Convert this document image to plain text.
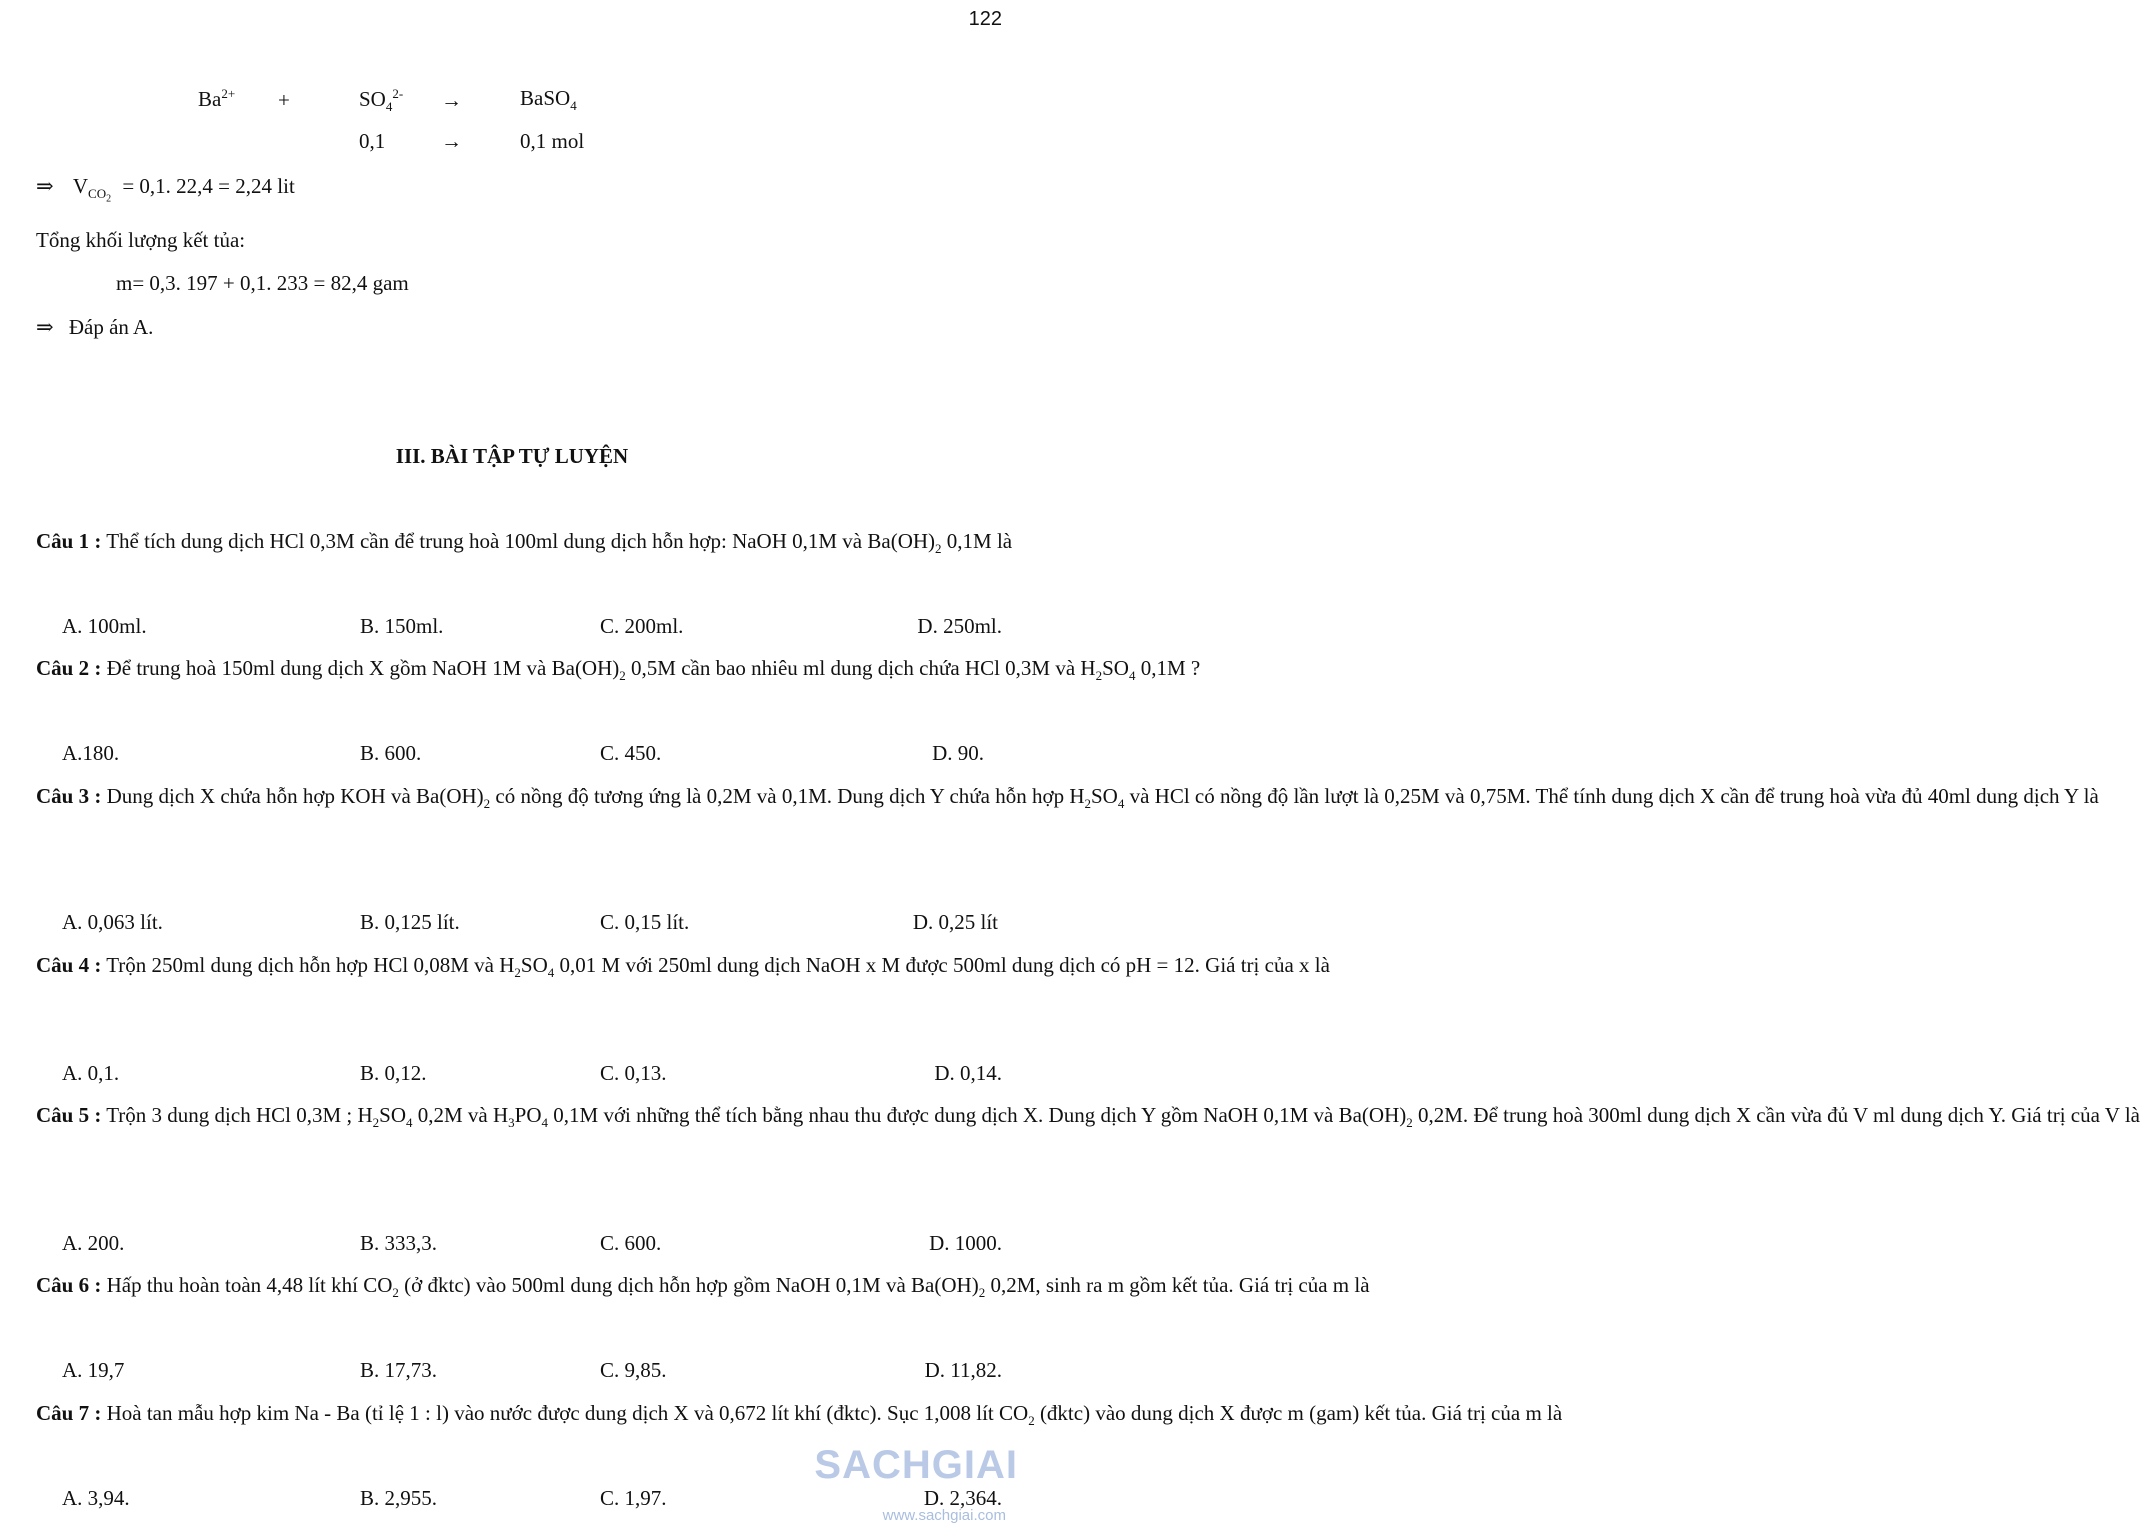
122
$Ba^{2+}$ +	$SO_4^{2-}$ →	BaSO$_4$
0,1	→	0,1 mol
⇒ $V_{CO_2} = 0,1$. 22,4 = 2,24 lit
Tổng khối lượng kết tủa:
m= 0,3. 197 + 0,1. 233 = 82,4 gam
⇒ Đáp án A.
III. BÀI TẬP TỰ LUYỆN
Câu 1 : Thể tích dung dịch HCl 0,3M cần để trung hoà 100ml dung dịch hỗn hợp: NaOH 0,1M và $Ba(OH)_2$ 0,1M là
A. 100ml.	B. 150ml.	C. 200ml.	D. 250ml.
Câu 2 : Để trung hoà 150ml dung dịch X gồm NaOH 1M và $Ba(OH)_2$ 0,5M cần bao nhiêu ml dung dịch chứa HCl 0,3M và $H_2SO_4$ 0,1M ?
A.180.	B. 600.	C. 450.	D. 90.
Câu 3 : Dung dịch X chứa hỗn hợp KOH và $Ba(OH)_2$ có nồng độ tương ứng là 0,2M và 0,1M. Dung dịch Y chứa hỗn hợp $H_2SO_4$ và HCl có nồng độ lần lượt là 0,25M và 0,75M. Thể tính dung dịch X cần để trung hoà vừa đủ 40ml dung dịch Y là
A. 0,063 lít.	B. 0,125 lít.	C. 0,15 lít.	D. 0,25 lít
Câu 4 : Trộn 250ml dung dịch hỗn hợp HCl 0,08M và $H_2SO_4$ 0,01 M với 250ml dung dịch NaOH x M được 500ml dung dịch có pH = 12. Giá trị của x là
A. 0,1.	B. 0,12.	C. 0,13.	D. 0,14.
Câu 5 : Trộn 3 dung dịch HCl 0,3M ; $H_2SO_4$ 0,2M và $H_3PO_4$ 0,1M với những thể tích bằng nhau thu được dung dịch X. Dung dịch Y gồm NaOH 0,1M và $Ba(OH)_2$ 0,2M. Để trung hoà 300ml dung dịch X cần vừa đủ V ml dung dịch Y. Giá trị của V là
A. 200.	B. 333,3.	C. 600.	D. 1000.
Câu 6 : Hấp thu hoàn toàn 4,48 lít khí $CO_2$ (ở đktc) vào 500ml dung dịch hỗn hợp gồm NaOH 0,1M và $Ba(OH)_2$ 0,2M, sinh ra m gồm kết tủa. Giá trị của m là
A. 19,7	B. 17,73.	C. 9,85.	D. 11,82.
Câu 7 : Hoà tan mẫu hợp kim Na - Ba (tỉ lệ 1 : l) vào nước được dung dịch X và 0,672 lít khí (đktc). Sục 1,008 lít $CO_2$ (đktc) vào dung dịch X được m (gam) kết tủa. Giá trị của m là
SACHGIAI
www.sachgiai.com
A. 3,94.	B. 2,955.	C. 1,97.	D. 2,364.
